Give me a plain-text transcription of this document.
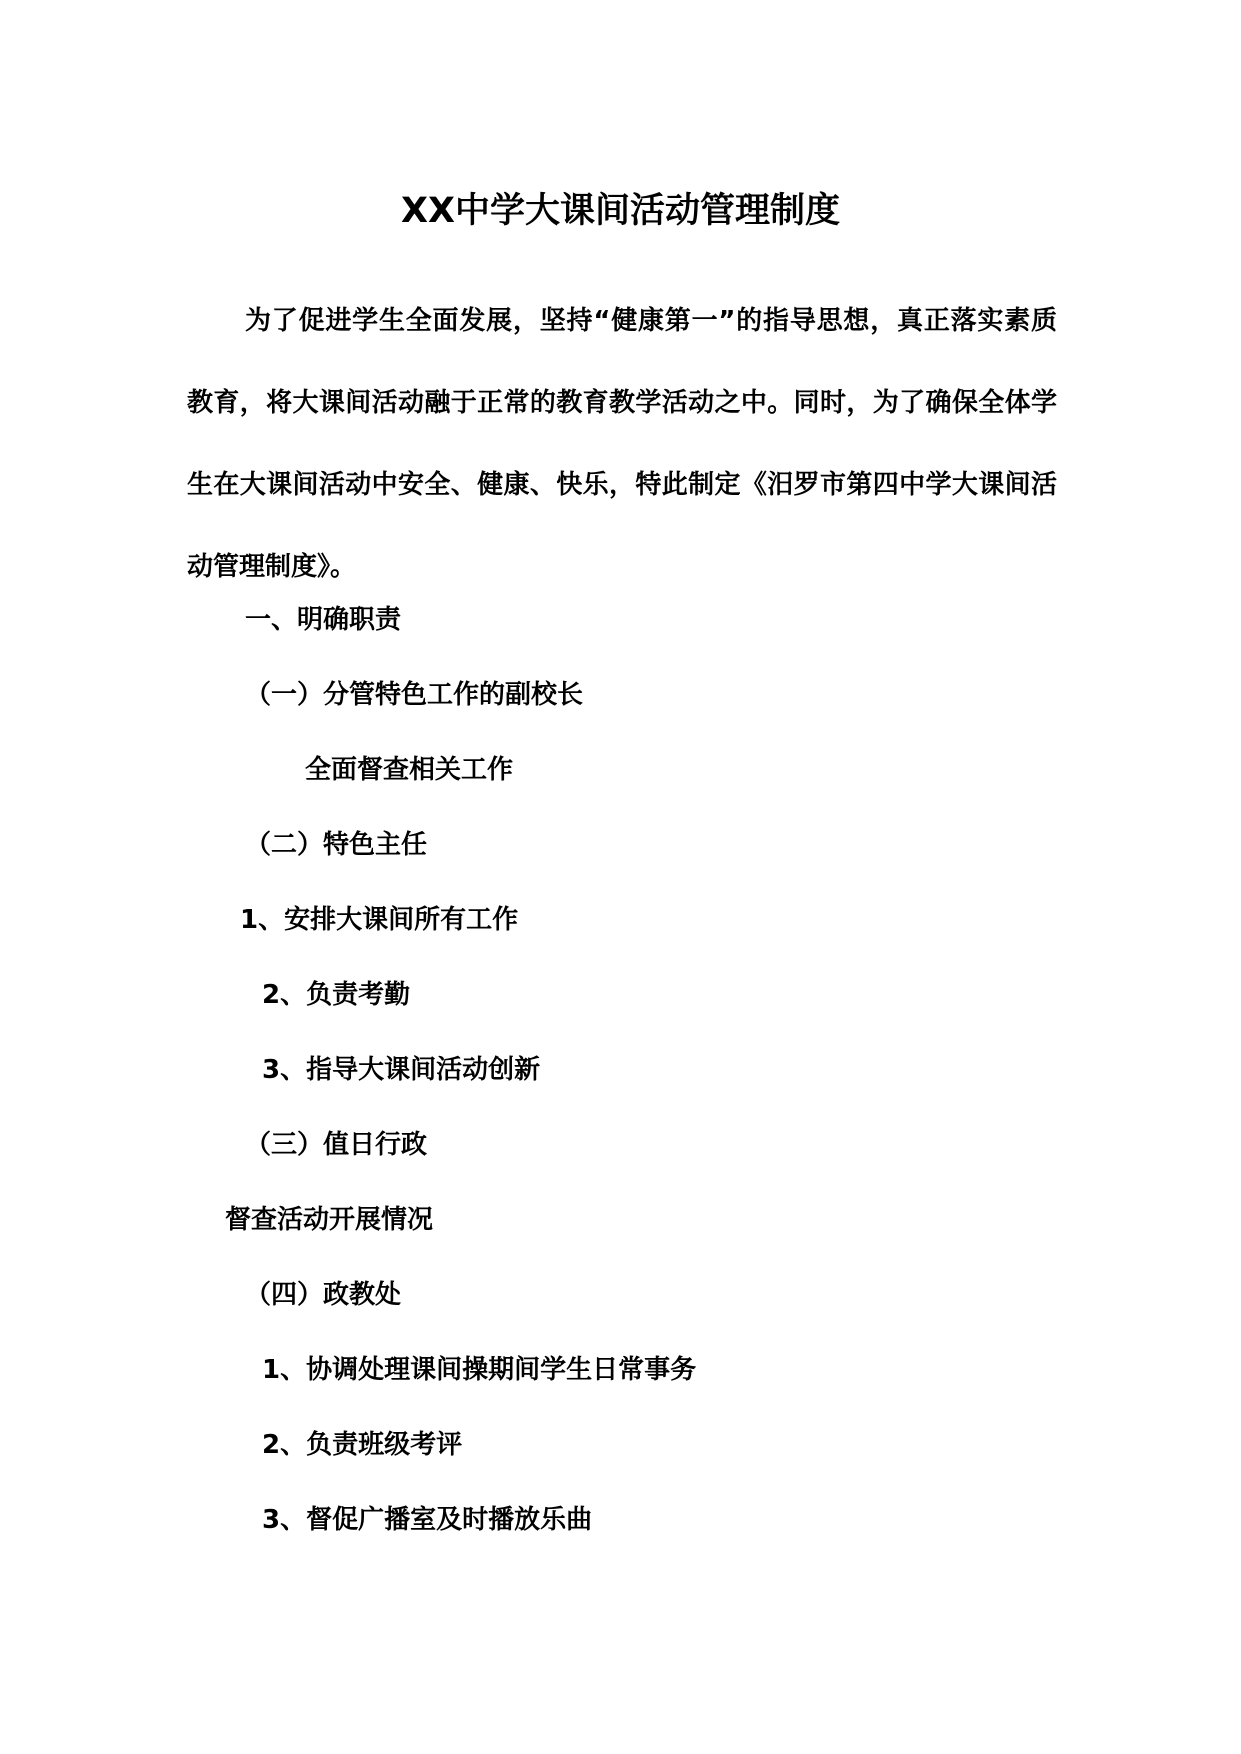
XX中学大课间活动管理制度

为了促进学生全面发展，坚持“健康第一”的指导思想，真正落实素质教育，将大课间活动融于正常的教育教学活动之中。同时，为了确保全体学生在大课间活动中安全、健康、快乐，特此制定《汨罗市第四中学大课间活动管理制度》。

一、明确职责
（一）分管特色工作的副校长
全面督查相关工作
（二）特色主任
1、安排大课间所有工作
2、负责考勤
3、指导大课间活动创新
（三）值日行政
督查活动开展情况
（四）政教处
1、协调处理课间操期间学生日常事务
2、负责班级考评
3、督促广播室及时播放乐曲
